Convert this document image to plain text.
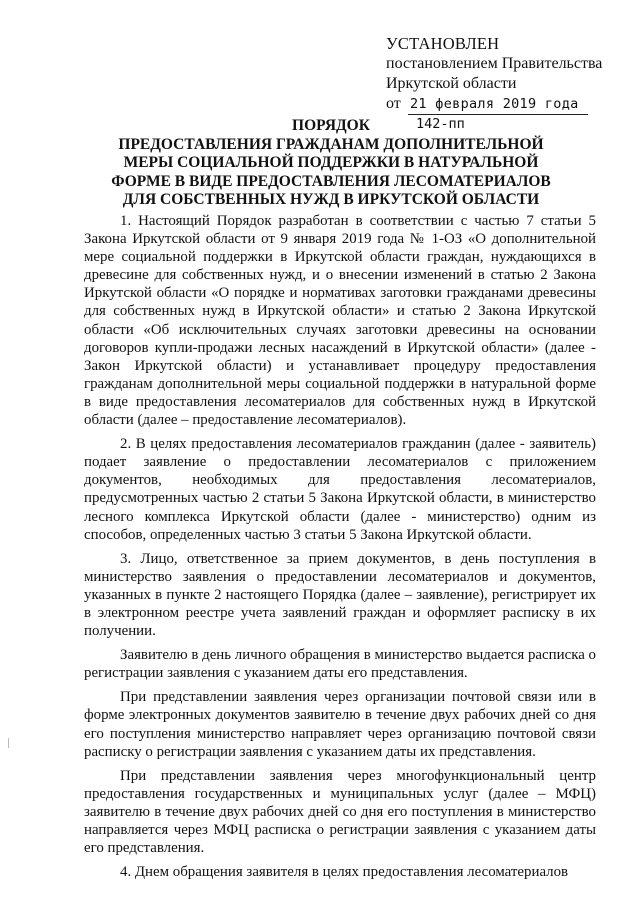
УСТАНОВЛЕН
постановлением Правительства
Иркутской области
от 21 февраля 2019 года
142-пп
ПОРЯДОК
ПРЕДОСТАВЛЕНИЯ ГРАЖДАНАМ ДОПОЛНИТЕЛЬНОЙ МЕРЫ СОЦИАЛЬНОЙ ПОДДЕРЖКИ В НАТУРАЛЬНОЙ ФОРМЕ В ВИДЕ ПРЕДОСТАВЛЕНИЯ ЛЕСОМАТЕРИАЛОВ ДЛЯ СОБСТВЕННЫХ НУЖД В ИРКУТСКОЙ ОБЛАСТИ

1. Настоящий Порядок разработан в соответствии с частью 7 статьи 5 Закона Иркутской области от 9 января 2019 года № 1-ОЗ «О дополнительной мере социальной поддержки в Иркутской области граждан, нуждающихся в древесине для собственных нужд, и о внесении изменений в статью 2 Закона Иркутской области «О порядке и нормативах заготовки гражданами древесины для собственных нужд в Иркутской области» и статью 2 Закона Иркутской области «Об исключительных случаях заготовки древесины на основании договоров купли-продажи лесных насаждений в Иркутской области» (далее - Закон Иркутской области) и устанавливает процедуру предоставления гражданам дополнительной меры социальной поддержки в натуральной форме в виде предоставления лесоматериалов для собственных нужд в Иркутской области (далее – предоставление лесоматериалов).

2. В целях предоставления лесоматериалов гражданин (далее - заявитель) подает заявление о предоставлении лесоматериалов с приложением документов, необходимых для предоставления лесоматериалов, предусмотренных частью 2 статьи 5 Закона Иркутской области, в министерство лесного комплекса Иркутской области (далее - министерство) одним из способов, определенных частью 3 статьи 5 Закона Иркутской области.

3. Лицо, ответственное за прием документов, в день поступления в министерство заявления о предоставлении лесоматериалов и документов, указанных в пункте 2 настоящего Порядка (далее – заявление), регистрирует их в электронном реестре учета заявлений граждан и оформляет расписку в их получении.

Заявителю в день личного обращения в министерство выдается расписка о регистрации заявления с указанием даты его представления.

При представлении заявления через организации почтовой связи или в форме электронных документов заявителю в течение двух рабочих дней со дня его поступления министерство направляет через организацию почтовой связи расписку о регистрации заявления с указанием даты их представления.

При представлении заявления через многофункциональный центр предоставления государственных и муниципальных услуг (далее – МФЦ) заявителю в течение двух рабочих дней со дня его поступления в министерство направляется через МФЦ расписка о регистрации заявления с указанием даты его представления.

4. Днем обращения заявителя в целях предоставления лесоматериалов
